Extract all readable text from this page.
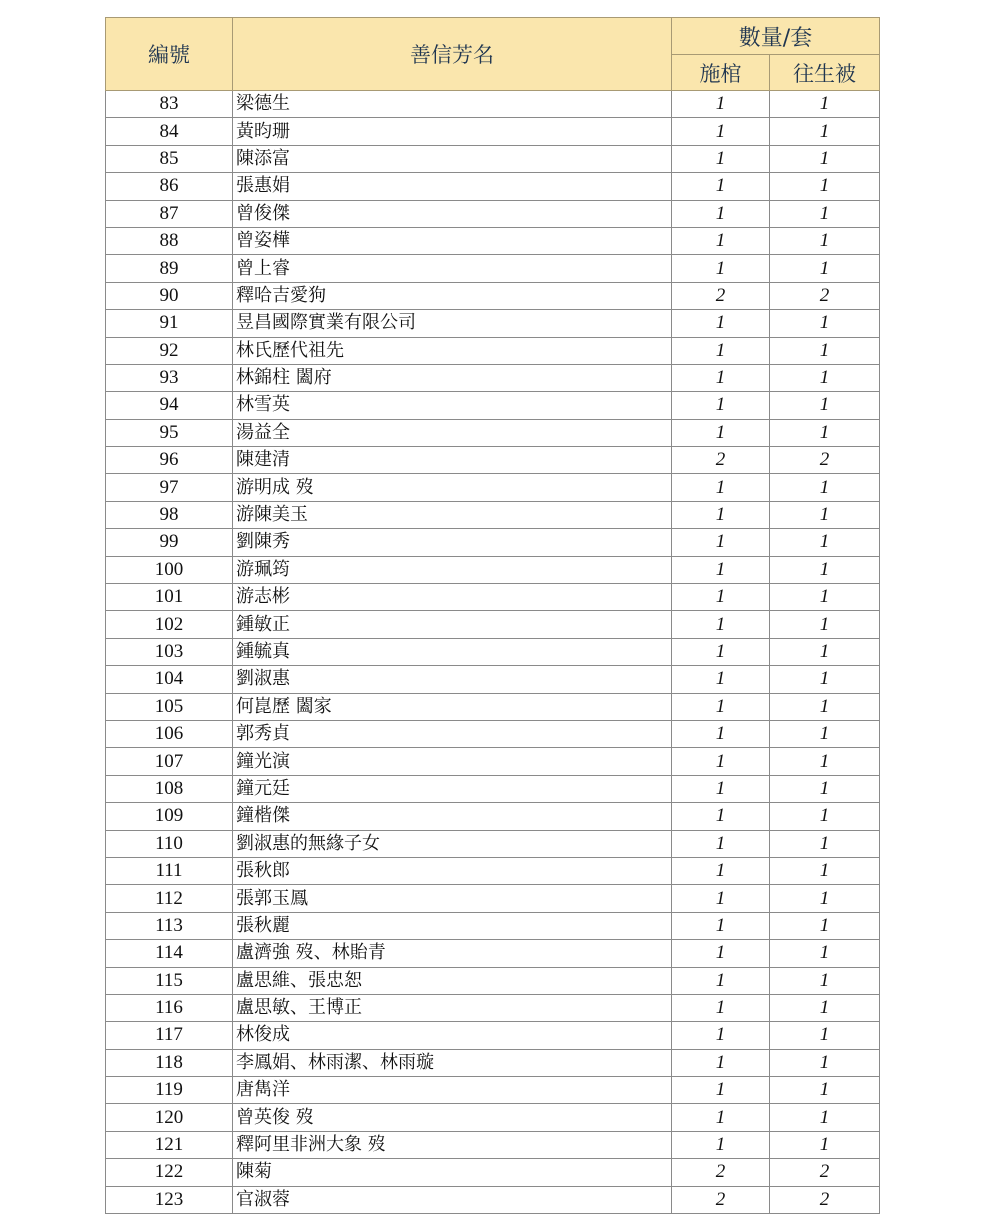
編號	善信芳名	數量/套	
		施棺	往生被
83	梁德生	1	1
84	黃昀珊	1	1
85	陳添富	1	1
86	張惠娟	1	1
87	曾俊傑	1	1
88	曾姿樺	1	1
89	曾上睿	1	1
90	釋哈吉愛狗	2	2
91	昱昌國際實業有限公司	1	1
92	林氏歷代祖先	1	1
93	林錦柱 闔府	1	1
94	林雪英	1	1
95	湯益全	1	1
96	陳建清	2	2
97	游明成 歿	1	1
98	游陳美玉	1	1
99	劉陳秀	1	1
100	游珮筠	1	1
101	游志彬	1	1
102	鍾敏正	1	1
103	鍾毓真	1	1
104	劉淑惠	1	1
105	何崑歷 闔家	1	1
106	郭秀貞	1	1
107	鐘光演	1	1
108	鐘元廷	1	1
109	鐘楷傑	1	1
110	劉淑惠的無緣子女	1	1
111	張秋郎	1	1
112	張郭玉鳳	1	1
113	張秋麗	1	1
114	盧濟強 歿、林貽青	1	1
115	盧思維、張忠恕	1	1
116	盧思敏、王博正	1	1
117	林俊成	1	1
118	李鳳娟、林雨潔、林雨璇	1	1
119	唐雋洋	1	1
120	曾英俊 歿	1	1
121	釋阿里非洲大象 歿	1	1
122	陳菊	2	2
123	官淑蓉	2	2
